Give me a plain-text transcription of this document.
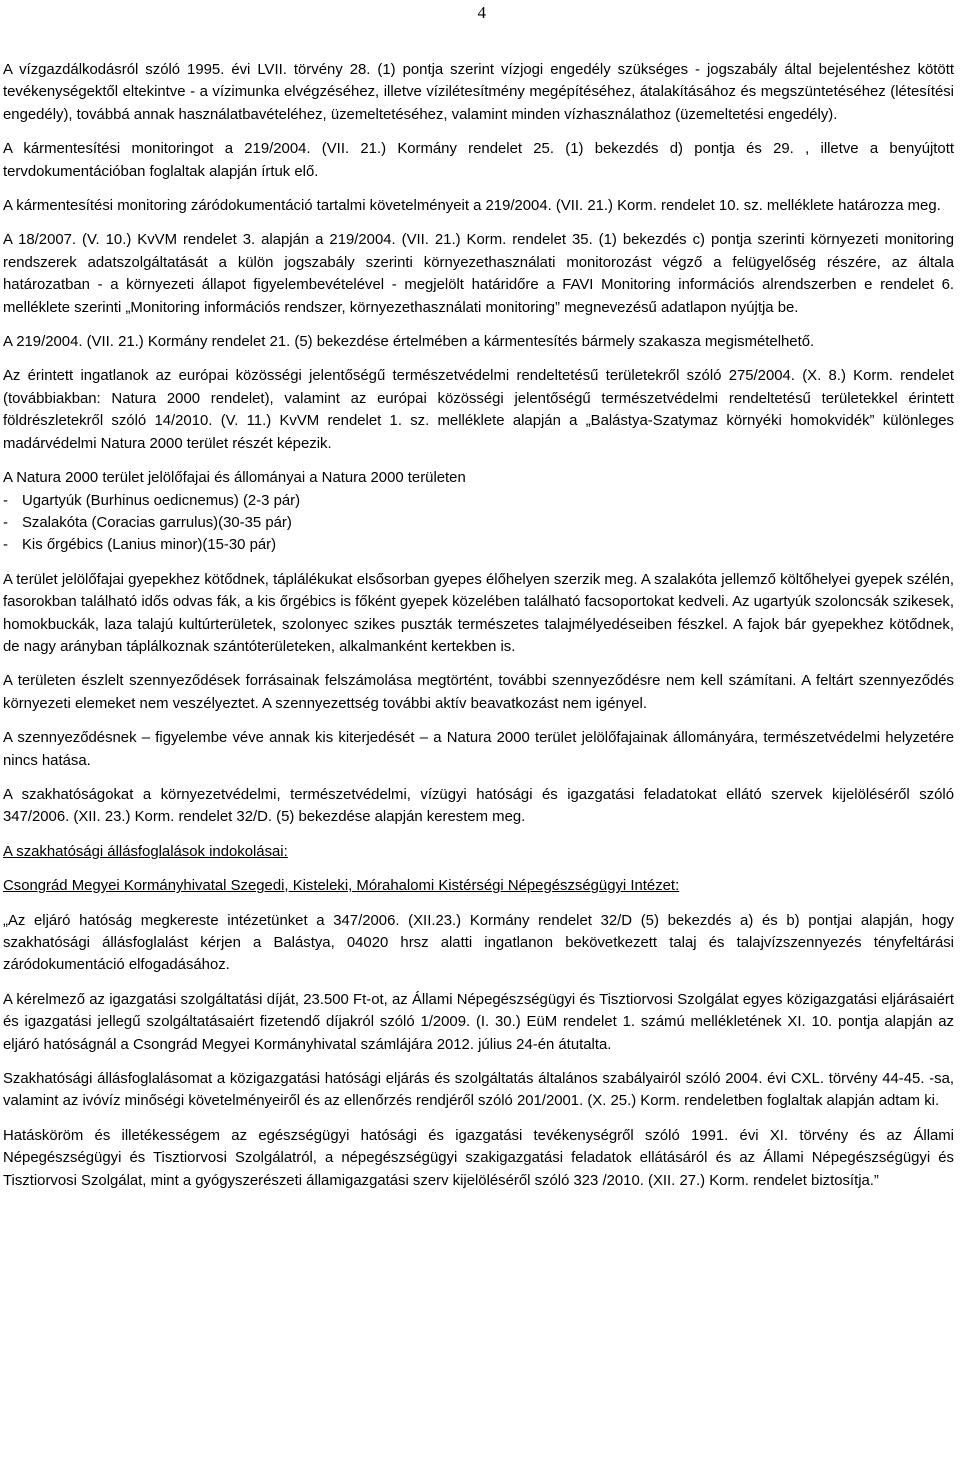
4

A vízgazdálkodásról szóló 1995. évi LVII. törvény 28. (1) pontja szerint vízjogi engedély szükséges - jogszabály által bejelentéshez kötött tevékenységektől eltekintve - a vízimunka elvégzéséhez, illetve vízilétesítmény megépítéséhez, átalakításához és megszüntetéséhez (létesítési engedély), továbbá annak használatbavételéhez, üzemeltetéséhez, valamint minden vízhasználathoz (üzemeltetési engedély).

A kármentesítési monitoringot a 219/2004. (VII. 21.) Kormány rendelet 25. (1) bekezdés d) pontja és 29. , illetve a benyújtott tervdokumentációban foglaltak alapján írtuk elő.

A kármentesítési monitoring záródokumentáció tartalmi követelményeit a 219/2004. (VII. 21.) Korm. rendelet 10. sz. melléklete határozza meg.

A 18/2007. (V. 10.) KvVM rendelet 3. alapján a 219/2004. (VII. 21.) Korm. rendelet 35. (1) bekezdés c) pontja szerinti környezeti monitoring rendszerek adatszolgáltatását a külön jogszabály szerinti környezethasználati monitorozást végző a felügyelőség részére, az általa határozatban - a környezeti állapot figyelembevételével - megjelölt határidőre a FAVI Monitoring információs alrendszerben e rendelet 6. melléklete szerinti „Monitoring információs rendszer, környezethasználati monitoring” megnevezésű adatlapon nyújtja be.

A 219/2004. (VII. 21.) Kormány rendelet 21. (5) bekezdése értelmében a kármentesítés bármely szakasza megismételhető.

Az érintett ingatlanok az európai közösségi jelentőségű természetvédelmi rendeltetésű területekről szóló 275/2004. (X. 8.) Korm. rendelet (továbbiakban: Natura 2000 rendelet), valamint az európai közösségi jelentőségű természetvédelmi rendeltetésű területekkel érintett földrészletekről szóló 14/2010. (V. 11.) KvVM rendelet 1. sz. melléklete alapján a „Balástya-Szatymaz környéki homokvidék” különleges madárvédelmi Natura 2000 terület részét képezik.

A Natura 2000 terület jelölőfajai és állományai a Natura 2000 területen

- Ugartyúk (Burhinus oedicnemus) (2-3 pár)
- Szalakóta (Coracias garrulus)(30-35 pár)
- Kis őrgébics (Lanius minor)(15-30 pár)

A terület jelölőfajai gyepekhez kötődnek, táplálékukat elsősorban gyepes élőhelyen szerzik meg. A szalakóta jellemző költőhelyei gyepek szélén, fasorokban található idős odvas fák, a kis őrgébics is főként gyepek közelében található facsoportokat kedveli. Az ugartyúk szoloncsák szikesek, homokbuckák, laza talajú kultúrterületek, szolonyec szikes puszták természetes talajmélyedéseiben fészkel. A fajok bár gyepekhez kötődnek, de nagy arányban táplálkoznak szántóterületeken, alkalmanként kertekben is.

A területen észlelt szennyeződések forrásainak felszámolása megtörtént, további szennyeződésre nem kell számítani. A feltárt szennyeződés környezeti elemeket nem veszélyeztet. A szennyezettség további aktív beavatkozást nem igényel.

A szennyeződésnek – figyelembe véve annak kis kiterjedését – a Natura 2000 terület jelölőfajainak állományára, természetvédelmi helyzetére nincs hatása.

A szakhatóságokat a környezetvédelmi, természetvédelmi, vízügyi hatósági és igazgatási feladatokat ellátó szervek kijelöléséről szóló 347/2006. (XII. 23.) Korm. rendelet 32/D. (5) bekezdése alapján kerestem meg.

A szakhatósági állásfoglalások indokolásai:

Csongrád Megyei Kormányhivatal Szegedi, Kisteleki, Mórahalomi Kistérségi Népegészségügyi Intézet:

„Az eljáró hatóság megkereste intézetünket a 347/2006. (XII.23.) Kormány rendelet 32/D (5) bekezdés a) és b) pontjai alapján, hogy szakhatósági állásfoglalást kérjen a Balástya, 04020 hrsz alatti ingatlanon bekövetkezett talaj és talajvízszennyezés tényfeltárási záródokumentáció elfogadásához.

A kérelmező az igazgatási szolgáltatási díját, 23.500 Ft-ot, az Állami Népegészségügyi és Tisztiorvosi Szolgálat egyes közigazgatási eljárásaiért és igazgatási jellegű szolgáltatásaiért fizetendő díjakról szóló 1/2009. (I. 30.) EüM rendelet 1. számú mellékletének XI. 10. pontja alapján az eljáró hatóságnál a Csongrád Megyei Kormányhivatal számlájára 2012. július 24-én átutalta.

Szakhatósági állásfoglalásomat a közigazgatási hatósági eljárás és szolgáltatás általános szabályairól szóló 2004. évi CXL. törvény 44-45. -sa, valamint az ivóvíz minőségi követelményeiről és az ellenőrzés rendjéről szóló 201/2001. (X. 25.) Korm. rendeletben foglaltak alapján adtam ki.

Hatásköröm és illetékességem az egészségügyi hatósági és igazgatási tevékenységről szóló 1991. évi XI. törvény és az Állami Népegészségügyi és Tisztiorvosi Szolgálatról, a népegészségügyi szakigazgatási feladatok ellátásáról és az Állami Népegészségügyi és Tisztiorvosi Szolgálat, mint a gyógyszerészeti államigazgatási szerv kijelöléséről szóló 323 /2010. (XII. 27.) Korm. rendelet biztosítja.”
